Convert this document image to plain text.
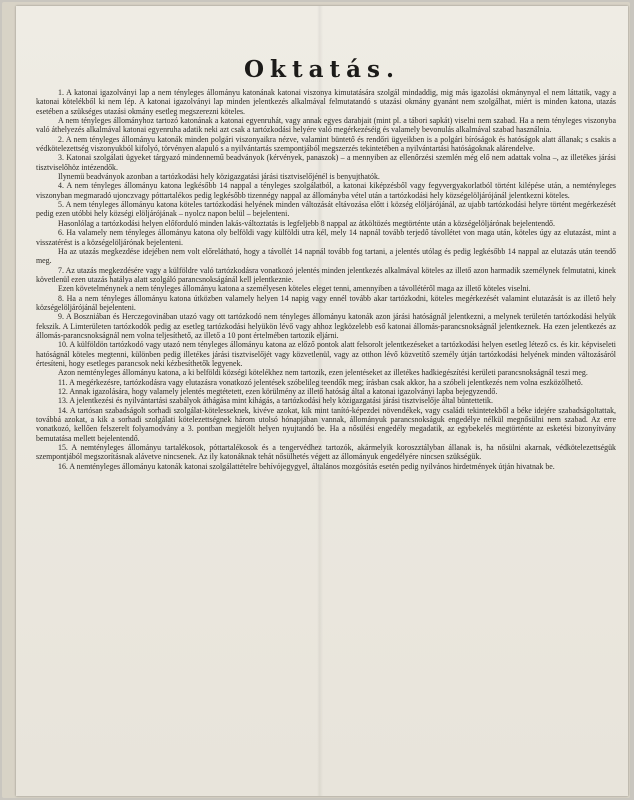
Oktatás.

1. A katonai igazolványi lap a nem tényleges állományu katonának katonai viszonya kimutatására szolgál mindaddig, mig más igazolási okmánynyal el nem láttatik, vagy a katonai kötelékből ki nem lép. A katonai igazolványi lap minden jelentkezés alkalmával felmutatandó s utazási okmány gyanánt nem szolgálhat, miért is minden katona, utazás esetében a szükséges utazási okmány esetleg megszerezni köteles.

A nem tényleges állományhoz tartozó katonának a katonai egyenruhát, vagy annak egyes darabjait (mint pl. a tábori sapkát) viselni nem szabad. Ha a nem tényleges viszonyba való áthelyezés alkalmával katonai egyenruha adatik neki azt csak a tartózkodási helyére való megérkezéséig és valamely bevonulás alkalmával szabad használnia.

2. A nem tényleges állományu katonák minden polgári viszonyaikra nézve, valamint büntető és rendőri ügyeikben is a polgári bíróságok és hatóságok alatt állanak; s csakis a védkötelezettség viszonyukból kifolyó, törvényen alapuló s a nyilvántartás szempontjából megszerzés tekintetében a nyilvántartási hatóságoknak alárendelve.

3. Katonai szolgálati ügyeket tárgyazó mindennemű beadványok (kérvények, panaszok) – a mennyiben az ellenőrzési szemlén még elő nem adattak volna –, az illetékes járási tisztviselőhöz intézendők.

Ilynemü beadványok azonban a tartózkodási hely közigazgatási járási tisztviselőjénél is benyujthatók.

4. A nem tényleges állományu katona legkésőbb 14 nappal a tényleges szolgálatból, a katonai kiképzésből vagy fegyvergyakorlatból történt kilépése után, a nemtényleges viszonyban megmaradó ujonczvagy póttartalékos pedig legkésőbb tizennégy nappal az állományba vétel után a tartózkodási hely községelöljárójánál jelentkezni köteles.

5. A nem tényleges állományu katona köteles tartózkodási helyének minden változását eltávozása előtt i község elöljárójánál, az ujabb tartózkodási helyre történt megérkezését pedig ezen utóbbi hely községi elöljárójának – nyolcz napon belül – bejelenteni.

Hasonlólag a tartózkodási helyen előforduló minden lakás-változtatás is legfeljebb 8 nappal az átköltözés megtörténte után a községelöljárónak bejelentendő.

6. Ha valamely nem tényleges állományu katona oly belföldi vagy külföldi utra kél, mely 14 napnál tovább terjedő távollétet von maga után, köteles úgy az elutazást, mint a visszatérést is a községelöljárónak bejelenteni.

Ha az utazás megkezdése idejében nem volt előrelátható, hogy a távollét 14 napnál tovább fog tartani, a jelentés utólag és pedig legkésőbb 14 nappal az elutazás után teendő meg.

7. Az utazás megkezdésére vagy a külföldre való tartózkodásra vonatkozó jelentés minden jelentkezés alkalmával köteles az illető azon harmadik személynek felmutatni, kinek követlenül ezen utazás hatálya alatt szolgáló parancsnokságánál kell jelentkeznie.

Ezen követelménynek a nem tényleges állományu katona a személyesen köteles eleget tenni, amennyiben a távollétéről maga az illető köteles viselni.

8. Ha a nem tényleges állományu katona útközben valamely helyen 14 napig vagy ennél tovább akar tartózkodni, köteles megérkezését valamint elutazását is az illető hely községelöljárójánál bejelenteni.

9. A Boszniában és Herczegovinában utazó vagy ott tartózkodó nem tényleges állományu katonák azon járási hatóságnál jelentkezni, a melynek területén tartózkodási helyük fekszik. A Limterületen tartózkodók pedig az esetleg tartózkodási helyükön lévő vagy ahhoz legközelebb eső katonai állomás-parancsnokságnál jelentkeznek. Ha ezen jelentkezés az állomás-parancsnokságnál nem volna teljesíthető, az illető a 10 pont értelmében tartozik eljárni.

10. A külföldön tartózkodó vagy utazó nem tényleges állományu katona az előző pontok alatt felsorolt jelentkezéseket a tartózkodási helyen esetleg létező cs. és kir. képviseleti hatóságnál köteles megtenni, különben pedig illetékes járási tisztviselőjét vagy közvetlenül, vagy az otthon lévő közvetítő személy útján tartózkodási helyének minden változásáról értesíteni, hogy esetleges parancsok neki kézbesíthetők legyenek.

Azon nemtényleges állományu katona, a ki belföldi községi kötelékhez nem tartozik, ezen jelentéseket az illetékes hadkiegészítési kerületi parancsnokságnál teszi meg.

11. A megérkezésre, tartózkodásra vagy elutazásra vonatkozó jelentések szóbelileg teendők meg; írásban csak akkor, ha a szóbeli jelentkezés nem volna eszközölhető.

12. Annak igazolására, hogy valamely jelentés megtétetett, ezen körülmény az illető hatóság által a katonai igazolványi lapba bejegyzendő.

13. A jelentkezési és nyilvántartási szabályok áthágása mint kihágás, a tartózkodási hely közigazgatási járási tisztviselője által büntettetik.

14. A tartósan szabadságolt sorhadi szolgálat-kötelesseknek, kivéve azokat, kik mint tanító-képezdei növendékek, vagy családi tekintetekből a béke idejére szabadságoltattak, továbbá azokat, a kik a sorhadi szolgálati kötelezettségnek három utolsó hónapjában vannak, állományuk parancsnokságuk engedélye nélkül megnősülni nem szabad. Az erre vonatkozó, kellően felszerelt folyamodvány a 3. pontban megjelölt helyen nyujtandó be. Ha a nősülési engedély megadatik, az egybekelés megtörténte az esketési bizonyítvány bemutatása mellett bejelentendő.

15. A nemtényleges állományu tartalékosok, póttartalékosok és a tengervédhez tartozók, akármelyik koroszztályban állanak is, ha nősülni akarnak, védkötelezettségük szempontjából megszorításnak alávetve nincsenek. Az ily katonáknak tehát nősülhetés végett az állományuk engedélyére nincsen szükségük.

16. A nemtényleges állományu katonák katonai szolgálattételre behívójegygyel, általános mozgósítás esetén pedig nyilvános hirdetmények útján hivatnak be.
